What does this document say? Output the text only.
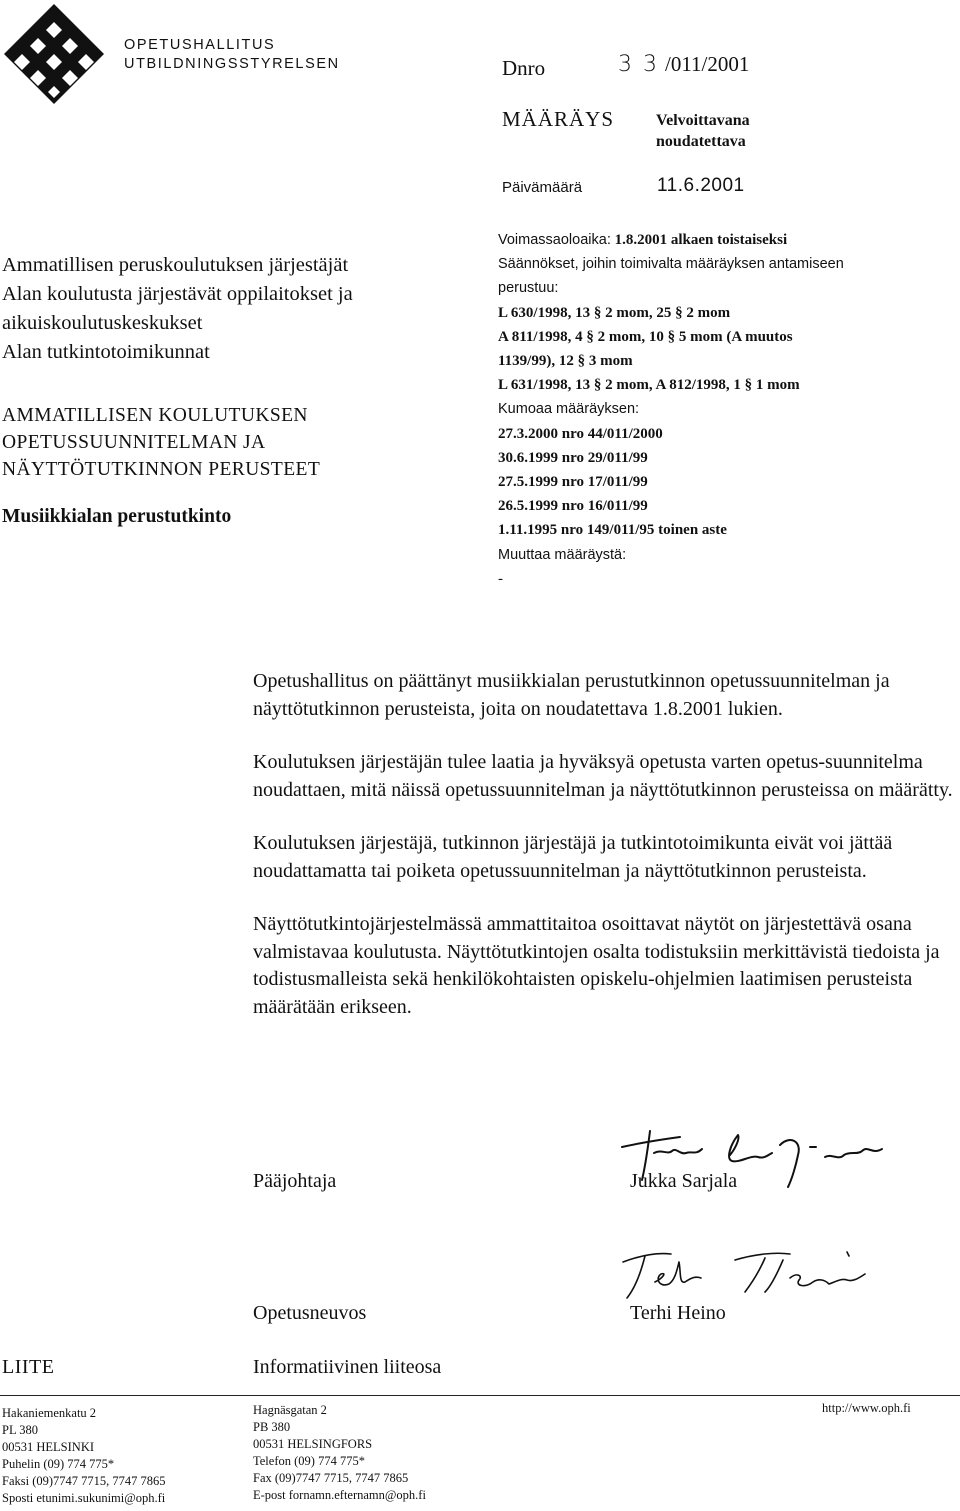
OPETUSHALLITUS
UTBILDNINGSSTYRELSEN	Dnro	3 3 /011/2001
MÄÄRÄYS	Velvoittavana
noudatettava
Päivämäärä	11.6.2001
Ammatillisen peruskoulutuksen järjestäjät
Alan koulutusta järjestävät oppilaitokset ja
aikuiskoulutuskeskukset
Alan tutkintotoimikunnat
AMMATILLISEN KOULUTUKSEN
OPETUSSUUNNITELMAN JA
NÄYTTÖTUTKINNON PERUSTEET
Musiikkialan perustutkinto
Voimassaoloaika: 1.8.2001 alkaen toistaiseksi
Säännökset, joihin toimivalta määräyksen antamiseen
perustuu:
L 630/1998, 13 § 2 mom, 25 § 2 mom
A 811/1998, 4 § 2 mom, 10 § 5 mom (A muutos
1139/99), 12 § 3 mom
L 631/1998, 13 § 2 mom, A 812/1998, 1 § 1 mom
Kumoaa määräyksen:
27.3.2000 nro 44/011/2000
30.6.1999 nro 29/011/99
27.5.1999 nro 17/011/99
26.5.1999 nro 16/011/99
1.11.1995 nro 149/011/95 toinen aste
Muuttaa määräystä:
-

Opetushallitus on päättänyt musiikkialan perustutkinnon opetussuunnitelman ja näyttötutkinnon perusteista, joita on noudatettava 1.8.2001 lukien.

Koulutuksen järjestäjän tulee laatia ja hyväksyä opetusta varten opetus-suunnitelma noudattaen, mitä näissä opetussuunnitelman ja näyttötutkinnon perusteissa on määrätty.

Koulutuksen järjestäjä, tutkinnon järjestäjä ja tutkintotoimikunta eivät voi jättää noudattamatta tai poiketa opetussuunnitelman ja näyttötutkinnon perusteista.

Näyttötutkintojärjestelmässä ammattitaitoa osoittavat näytöt on järjestettävä osana valmistavaa koulutusta. Näyttötutkintojen osalta todistuksiin merkittävistä tiedoista ja todistusmalleista sekä henkilökohtaisten opiskelu-ohjelmien laatimisen perusteista määrätään erikseen.

Pääjohtaja	Jukka Sarjala
Opetusneuvos	Terhi Heino
LIITE	Informatiivinen liiteosa
Hakaniemenkatu 2
PL 380
00531 HELSINKI
Puhelin (09) 774 775*
Faksi (09)7747 7715, 7747 7865
Sposti etunimi.sukunimi@oph.fi
Hagnäsgatan 2
PB 380
00531 HELSINGFORS
Telefon (09) 774 775*
Fax (09)7747 7715, 7747 7865
E-post fornamn.efternamn@oph.fi
http://www.oph.fi
